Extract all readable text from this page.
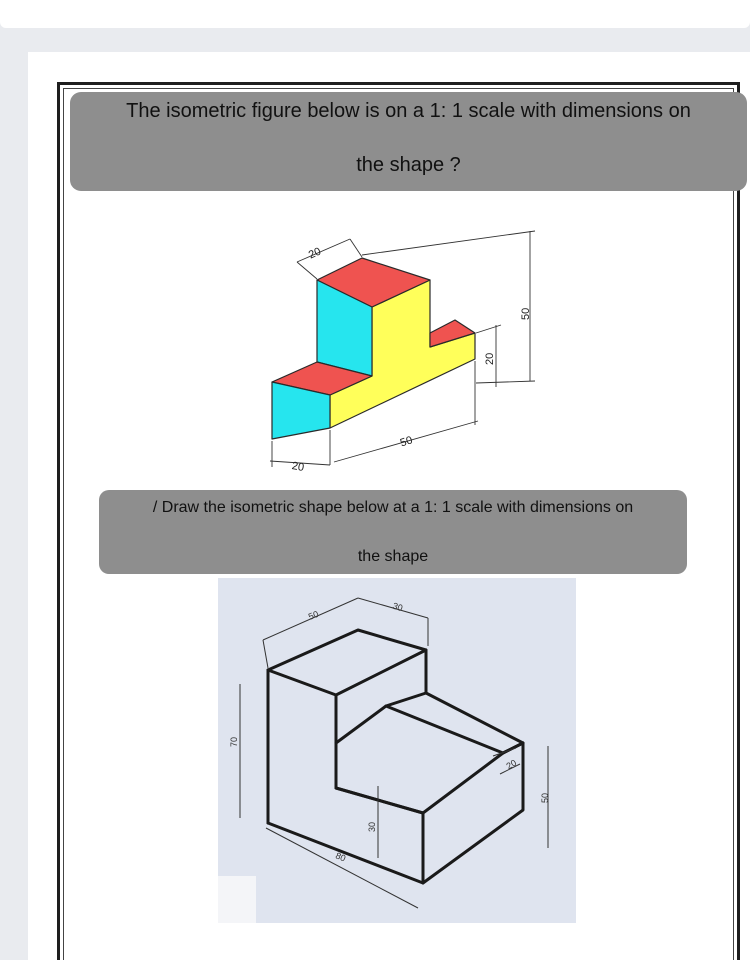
The isometric figure below is on a 1: 1 scale with dimensions on
the shape ?
20
50
20
50
20
/ Draw the isometric shape below at a 1: 1 scale with dimensions on
the shape
50
30
70
30
80
20
50
